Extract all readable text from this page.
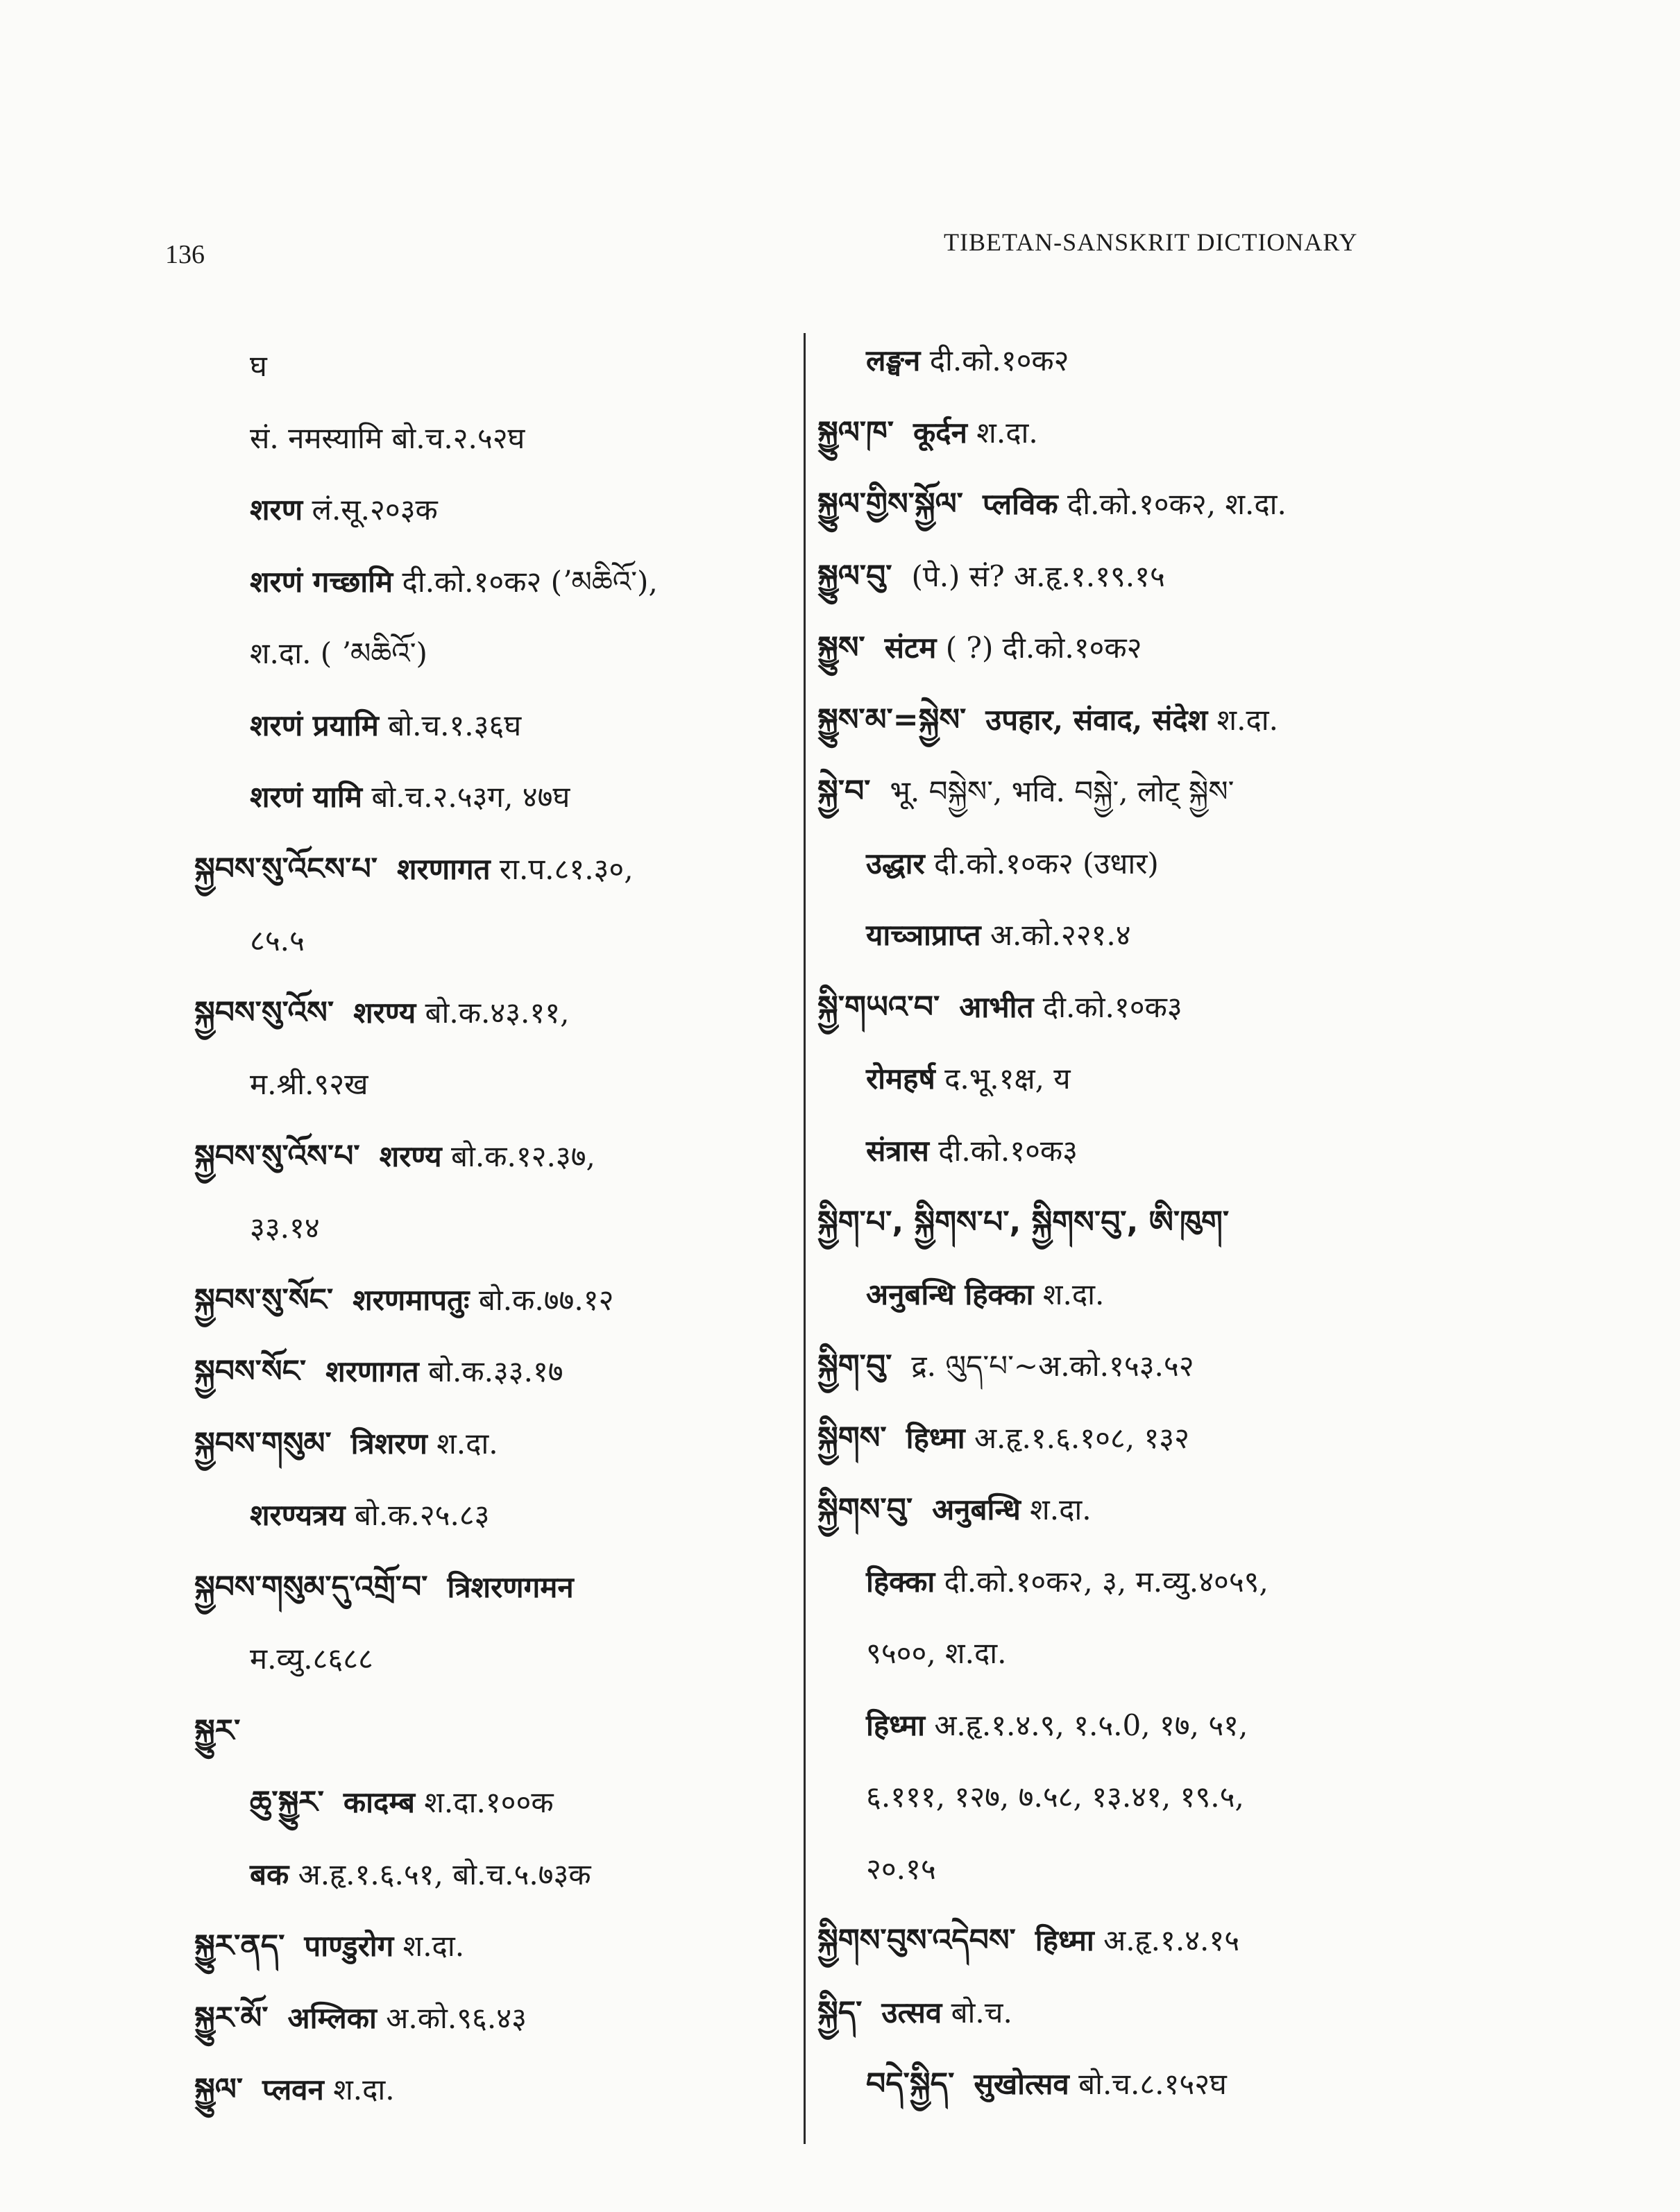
136	TIBETAN-SANSKRIT DICTIONARY
घ
सं. नमस्यामि बो.च.२.५२घ
शरण लं.सू.२०३क
शरणं गच्छामि दी.को.१०क२ (ʼམཆིའོ་),
श.दा. ( ʼམཆིའོ་)
शरणं प्रयामि बो.च.१.३६घ
शरणं यामि बो.च.२.५३ग, ४७घ
སྐྱབས་སུ་འོངས་པ་ शरणागत रा.प.८१.३०,
८५.५
སྐྱབས་སུ་འོས་ शरण्य बो.क.४३.११,
म.श्री.९२ख
སྐྱབས་སུ་འོས་པ་ शरण्य बो.क.१२.३७,
३३.१४
སྐྱབས་སུ་སོང་ शरणमापतुः बो.क.७७.१२
སྐྱབས་སོང་ शरणागत बो.क.३३.१७
སྐྱབས་གསུམ་ त्रिशरण श.दा.
शरण्यत्रय बो.क.२५.८३
སྐྱབས་གསུམ་དུ་འགྲོ་བ་ त्रिशरणगमन
म.व्यु.८६८८
སྐྱུར་
ཆུ་སྐྱུར་ कादम्ब श.दा.१००क
बक अ.हृ.१.६.५१, बो.च.५.७३क
སྐྱུར་ནད་ पाण्डुरोग श.दा.
སྐྱུར་མོ་ अम्लिका अ.को.९६.४३
སྐྱུལ་ प्लवन श.दा.
लङ्घन दी.को.१०क२
སྐྱུལ་ཁ་ कूर्दन श.दा.
སྐྱུལ་གྱིས་སྐྱོལ་ प्लविक दी.को.१०क२, श.दा.
སྐྱུལ་བུ་ (पे.) सं? अ.हृ.१.१९.१५
སྐྱུས་ संटम ( ?) दी.को.१०क२
སྐྱུས་མ་=སྐྱེས་ उपहार, संवाद, संदेश श.दा.
སྐྱེ་བ་ भू. བསྐྱེས་, भवि. བསྐྱེ་, लोट् སྐྱེས་
उद्धार दी.को.१०क२ (उधार)
याच्ञाप्राप्त अ.को.२२१.४
སྐྱི་གཡའ་བ་ आभीत दी.को.१०क३
रोमहर्ष द.भू.१क्ष, य
संत्रास दी.को.१०क३
སྐྱིག་པ་, སྐྱིགས་པ་, སྐྱིགས་བུ་, ཨི་ཁུག་
अनुबन्धि हिक्का श.दा.
སྐྱིག་བུ་ द्र. ལུད་པ་~अ.को.१५३.५२
སྐྱིགས་ हिध्मा अ.हृ.१.६.१०८, १३२
སྐྱིགས་བུ་ अनुबन्धि श.दा.
हिक्का दी.को.१०क२, ३, म.व्यु.४०५९,
९५००, श.दा.
हिध्मा अ.हृ.१.४.९, १.५.0, १७, ५१,
६.१११, १२७, ७.५८, १३.४१, १९.५,
२०.१५
སྐྱིགས་བུས་འདེབས་ हिध्मा अ.हृ.१.४.१५
སྐྱིད་ उत्सव बो.च.
བདེ་སྐྱིད་ सुखोत्सव बो.च.८.१५२घ
